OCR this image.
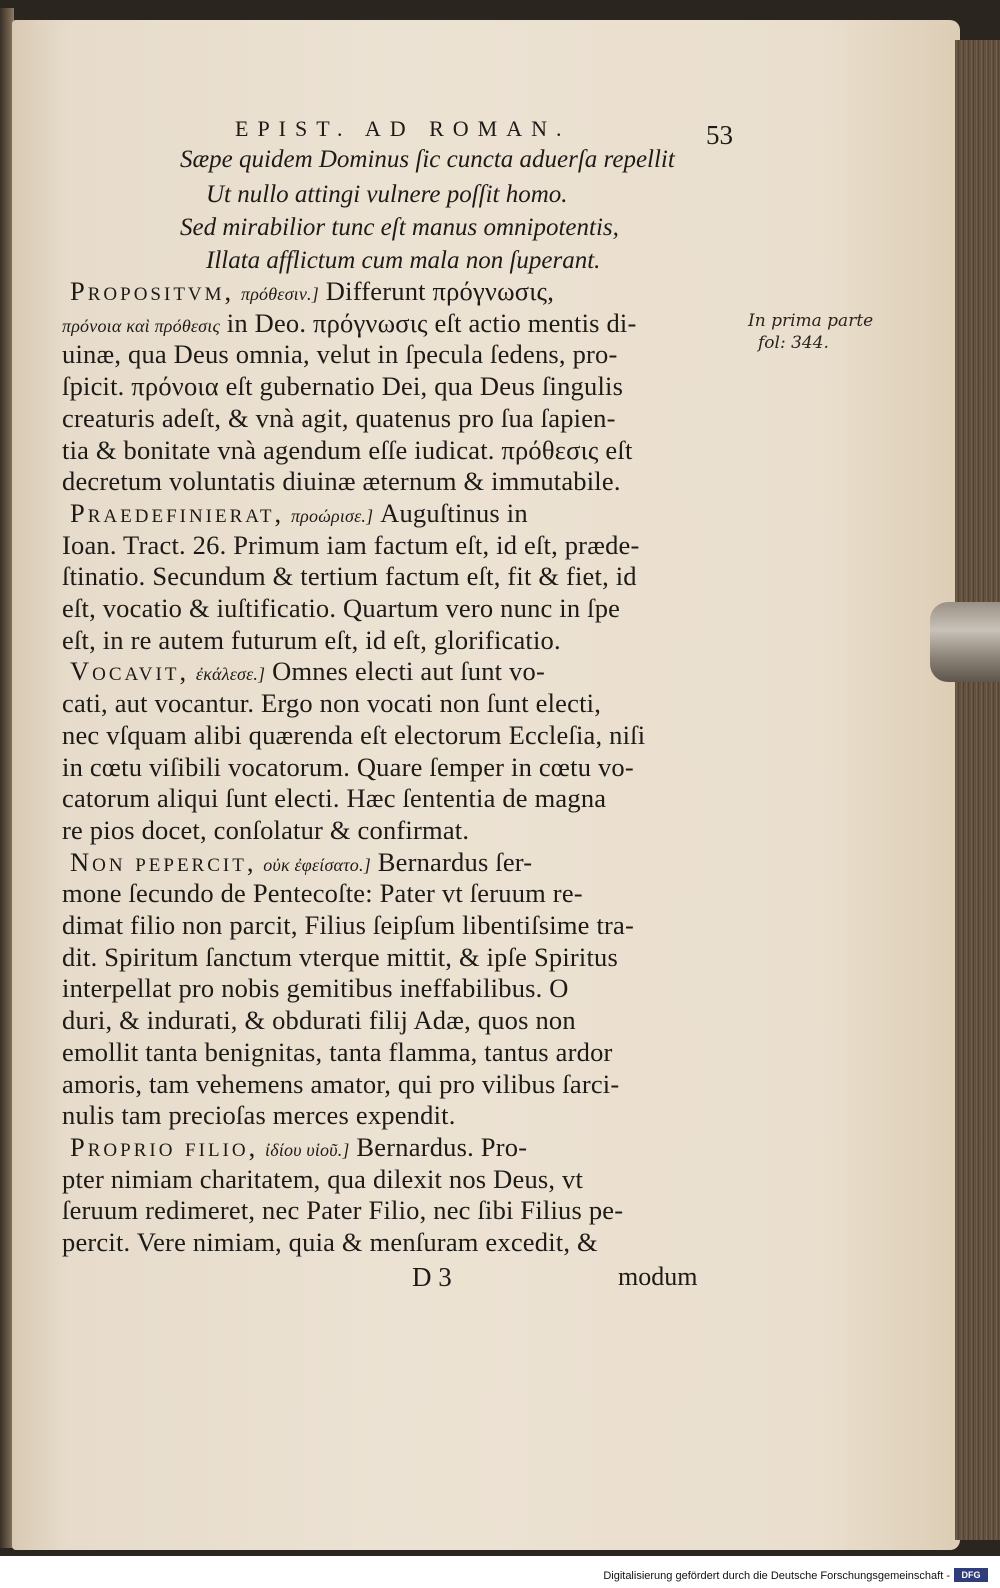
EPIST. AD ROMAN.	53
Sæpe quidem Dominus ſic cuncta aduerſa repellit
Ut nullo attingi vulnere poſſit homo.
Sed mirabilior tunc eſt manus omnipotentis,
Illata afflictum cum mala non ſuperant.
Propositvm, πρόθεσιν.] Differunt πρόγνωσις,
πρόνοια καὶ πρόθεσις in Deo. πρόγνωσις eſt actio mentis di-
uinæ, qua Deus omnia, velut in ſpecula ſedens, pro-
ſpicit. πρόνοια eſt gubernatio Dei, qua Deus ſingulis
creaturis adeſt, & vnà agit, quatenus pro ſua ſapien-
tia & bonitate vnà agendum eſſe iudicat. πρόθεσις eſt
decretum voluntatis diuinæ æternum & immutabile.
Praedefinierat, προώρισε.] Auguſtinus in
Ioan. Tract. 26. Primum iam factum eſt, id eſt, præde-
ſtinatio. Secundum & tertium factum eſt, fit & fiet, id
eſt, vocatio & iuſtificatio. Quartum vero nunc in ſpe
eſt, in re autem futurum eſt, id eſt, glorificatio.
Vocavit, ἐκάλεσε.] Omnes electi aut ſunt vo-
cati, aut vocantur. Ergo non vocati non ſunt electi,
nec vſquam alibi quærenda eſt electorum Eccleſia, niſi
in cœtu viſibili vocatorum. Quare ſemper in cœtu vo-
catorum aliqui ſunt electi. Hæc ſententia de magna
re pios docet, conſolatur & confirmat.
Non pepercit, οὐκ ἐφείσατο.] Bernardus ſer-
mone ſecundo de Pentecoſte: Pater vt ſeruum re-
dimat filio non parcit, Filius ſeipſum libentiſsime tra-
dit. Spiritum ſanctum vterque mittit, & ipſe Spiritus
interpellat pro nobis gemitibus ineffabilibus. O
duri, & indurati, & obdurati filij Adæ, quos non
emollit tanta benignitas, tanta flamma, tantus ardor
amoris, tam vehemens amator, qui pro vilibus ſarci-
nulis tam precioſas merces expendit.
Proprio filio, ἰδίου υἱοῦ.] Bernardus. Pro-
pter nimiam charitatem, qua dilexit nos Deus, vt
ſeruum redimeret, nec Pater Filio, nec ſibi Filius pe-
percit. Vere nimiam, quia & menſuram excedit, &
D 3	modum
In prima parte
fol: 344.
Digitalisierung gefördert durch die Deutsche Forschungsgemeinschaft -	DFG
